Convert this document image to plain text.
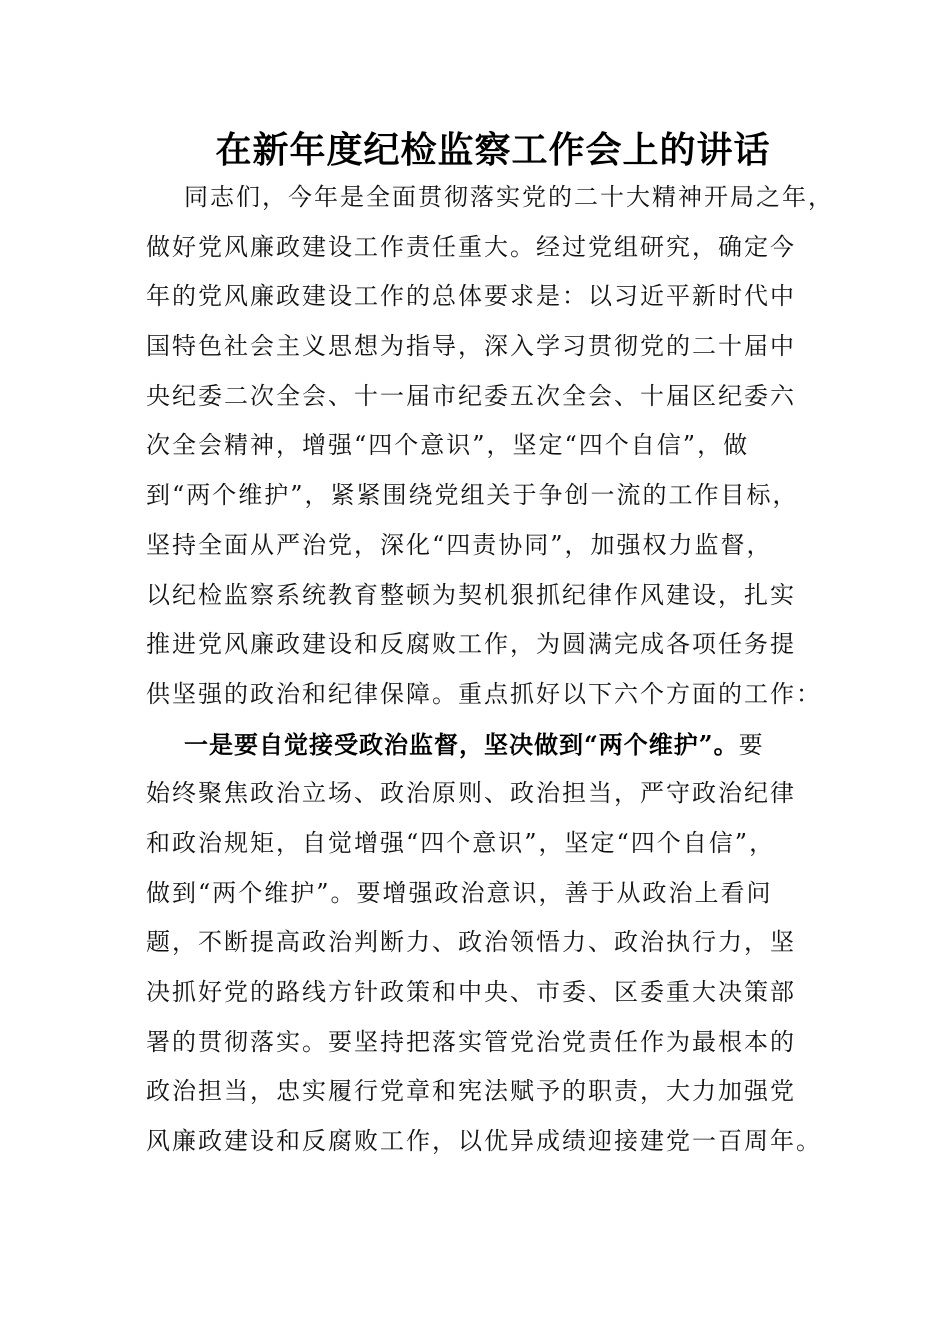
在新年度纪检监察工作会上的讲话
同志们，今年是全面贯彻落实党的二十大精神开局之年，
做好党风廉政建设工作责任重大。经过党组研究，确定今
年的党风廉政建设工作的总体要求是：以习近平新时代中
国特色社会主义思想为指导，深入学习贯彻党的二十届中
央纪委二次全会、十一届市纪委五次全会、十届区纪委六
次全会精神，增强“四个意识”，坚定“四个自信”，做
到“两个维护”，紧紧围绕党组关于争创一流的工作目标，
坚持全面从严治党，深化“四责协同”，加强权力监督，
以纪检监察系统教育整顿为契机狠抓纪律作风建设，扎实
推进党风廉政建设和反腐败工作，为圆满完成各项任务提
供坚强的政治和纪律保障。重点抓好以下六个方面的工作：
一是要自觉接受政治监督，坚决做到“两个维护”。要
始终聚焦政治立场、政治原则、政治担当，严守政治纪律
和政治规矩，自觉增强“四个意识”，坚定“四个自信”，
做到“两个维护”。要增强政治意识，善于从政治上看问
题，不断提高政治判断力、政治领悟力、政治执行力，坚
决抓好党的路线方针政策和中央、市委、区委重大决策部
署的贯彻落实。要坚持把落实管党治党责任作为最根本的
政治担当，忠实履行党章和宪法赋予的职责，大力加强党
风廉政建设和反腐败工作，以优异成绩迎接建党一百周年。
